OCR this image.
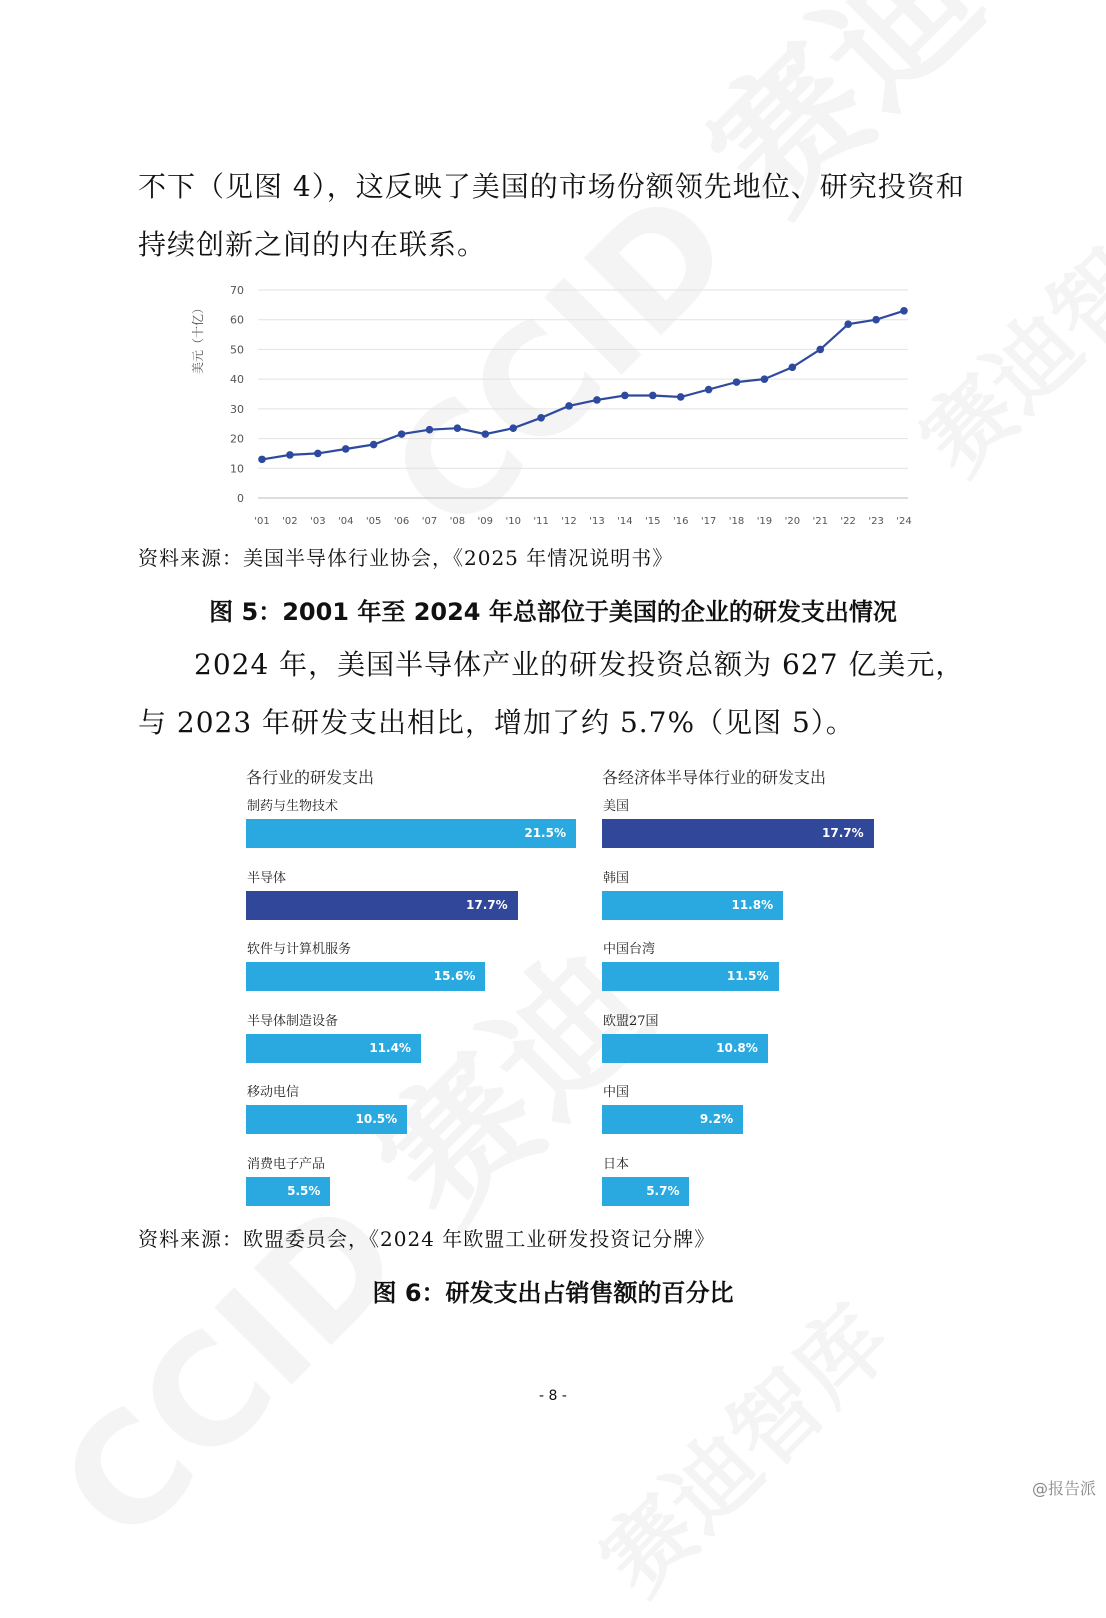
不下（见图 4），这反映了美国的市场份额领先地位、研究投资和持续创新之间的内在联系。
0
10
20
30
40
50
60
70
'01 '02 '03 '04 '05 '06 '07 '08 '09 '10 '11 '12 '13 '14 '15 '16 '17 '18 '19 '20 '21 '22 '23 '24
美元（十亿）
资料来源：美国半导体行业协会，《2025 年情况说明书》
图 5：2001 年至 2024 年总部位于美国的企业的研发支出情况
2024 年，美国半导体产业的研发投资总额为 627 亿美元，与 2023 年研发支出相比，增加了约 5.7%（见图 5）。
各行业的研发支出
制药与生物技术
21.5%
半导体
17.7%
软件与计算机服务
15.6%
半导体制造设备
11.4%
移动电信
10.5%
消费电子产品
5.5%
各经济体半导体行业的研发支出
美国
17.7%
韩国
11.8%
中国台湾
11.5%
欧盟27国
10.8%
中国
9.2%
日本
5.7%
资料来源：欧盟委员会，《2024 年欧盟工业研发投资记分牌》
图 6：研发支出占销售额的百分比
- 8 -
@报告派
